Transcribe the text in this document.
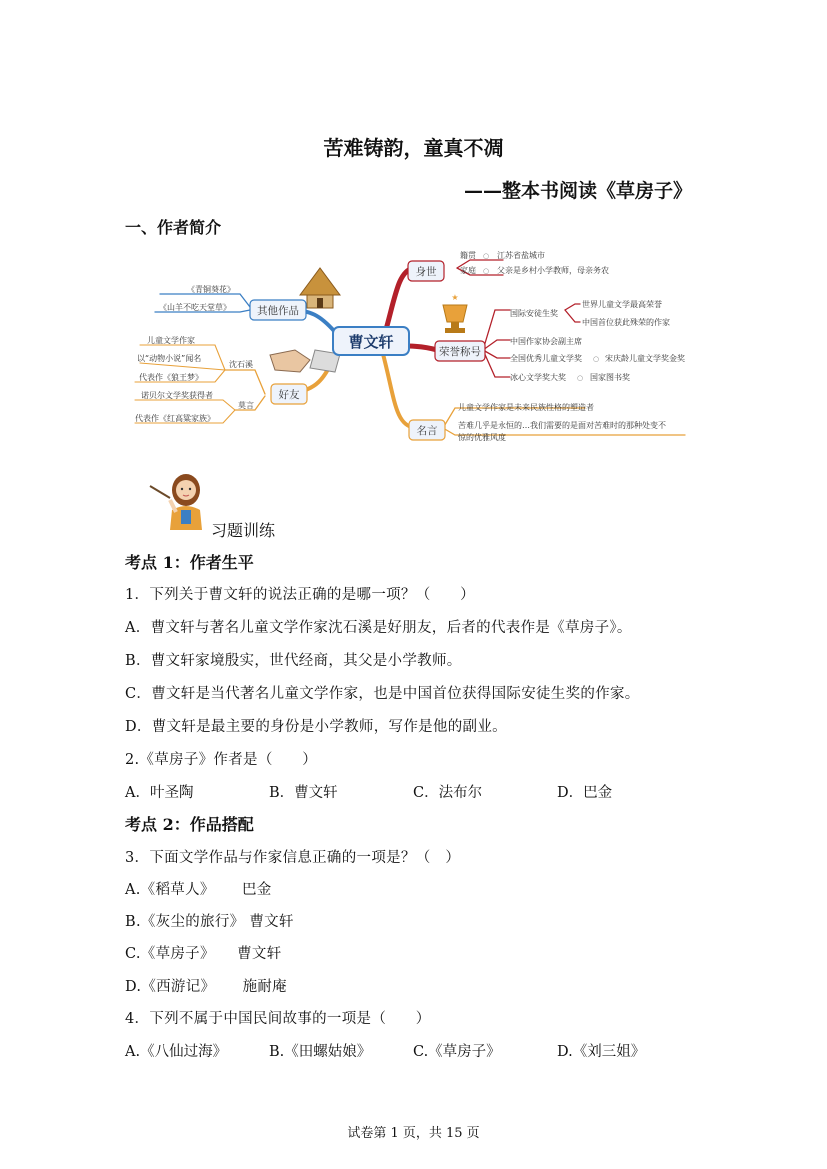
苦难铸韵，童真不凋
——整本书阅读《草房子》
一、作者简介
★
曹文轩
身世
籍贯 ○ 江苏省盐城市
家庭 ○ 父亲是乡村小学教师，母亲务农
荣誉称号
国际安徒生奖
世界儿童文学最高荣誉
中国首位获此殊荣的作家
中国作家协会副主席
全国优秀儿童文学奖 ○ 宋庆龄儿童文学奖金奖
冰心文学奖大奖 ○ 国家图书奖
名言
儿童文学作家是未来民族性格的塑造者
苦难几乎是永恒的…我们需要的是面对苦难时的那种处变不
惊的优雅风度
其他作品
《青铜葵花》
《山羊不吃天堂草》
好友
沈石溪
儿童文学作家
以“动物小说”闻名
代表作《狼王梦》
莫言
诺贝尔文学奖获得者
代表作《红高粱家族》
习题训练
考点 1：作者生平
1．下列关于曹文轩的说法正确的是哪一项？（　　）
A．曹文轩与著名儿童文学作家沈石溪是好朋友，后者的代表作是《草房子》。
B．曹文轩家境殷实，世代经商，其父是小学教师。
C．曹文轩是当代著名儿童文学作家，也是中国首位获得国际安徒生奖的作家。
D．曹文轩是最主要的身份是小学教师，写作是他的副业。
2.《草房子》作者是（　　）
A．叶圣陶	B．曹文轩	C．法布尔	D．巴金
考点 2：作品搭配
3．下面文学作品与作家信息正确的一项是？（　）
A.《稻草人》　　 巴金
B.《灰尘的旅行》 曹文轩
C.《草房子》　　曹文轩
D.《西游记》　　 施耐庵
4．下列不属于中国民间故事的一项是（　　）
A.《八仙过海》	B.《田螺姑娘》	C.《草房子》	D.《刘三姐》
试卷第 1 页，共 15 页
